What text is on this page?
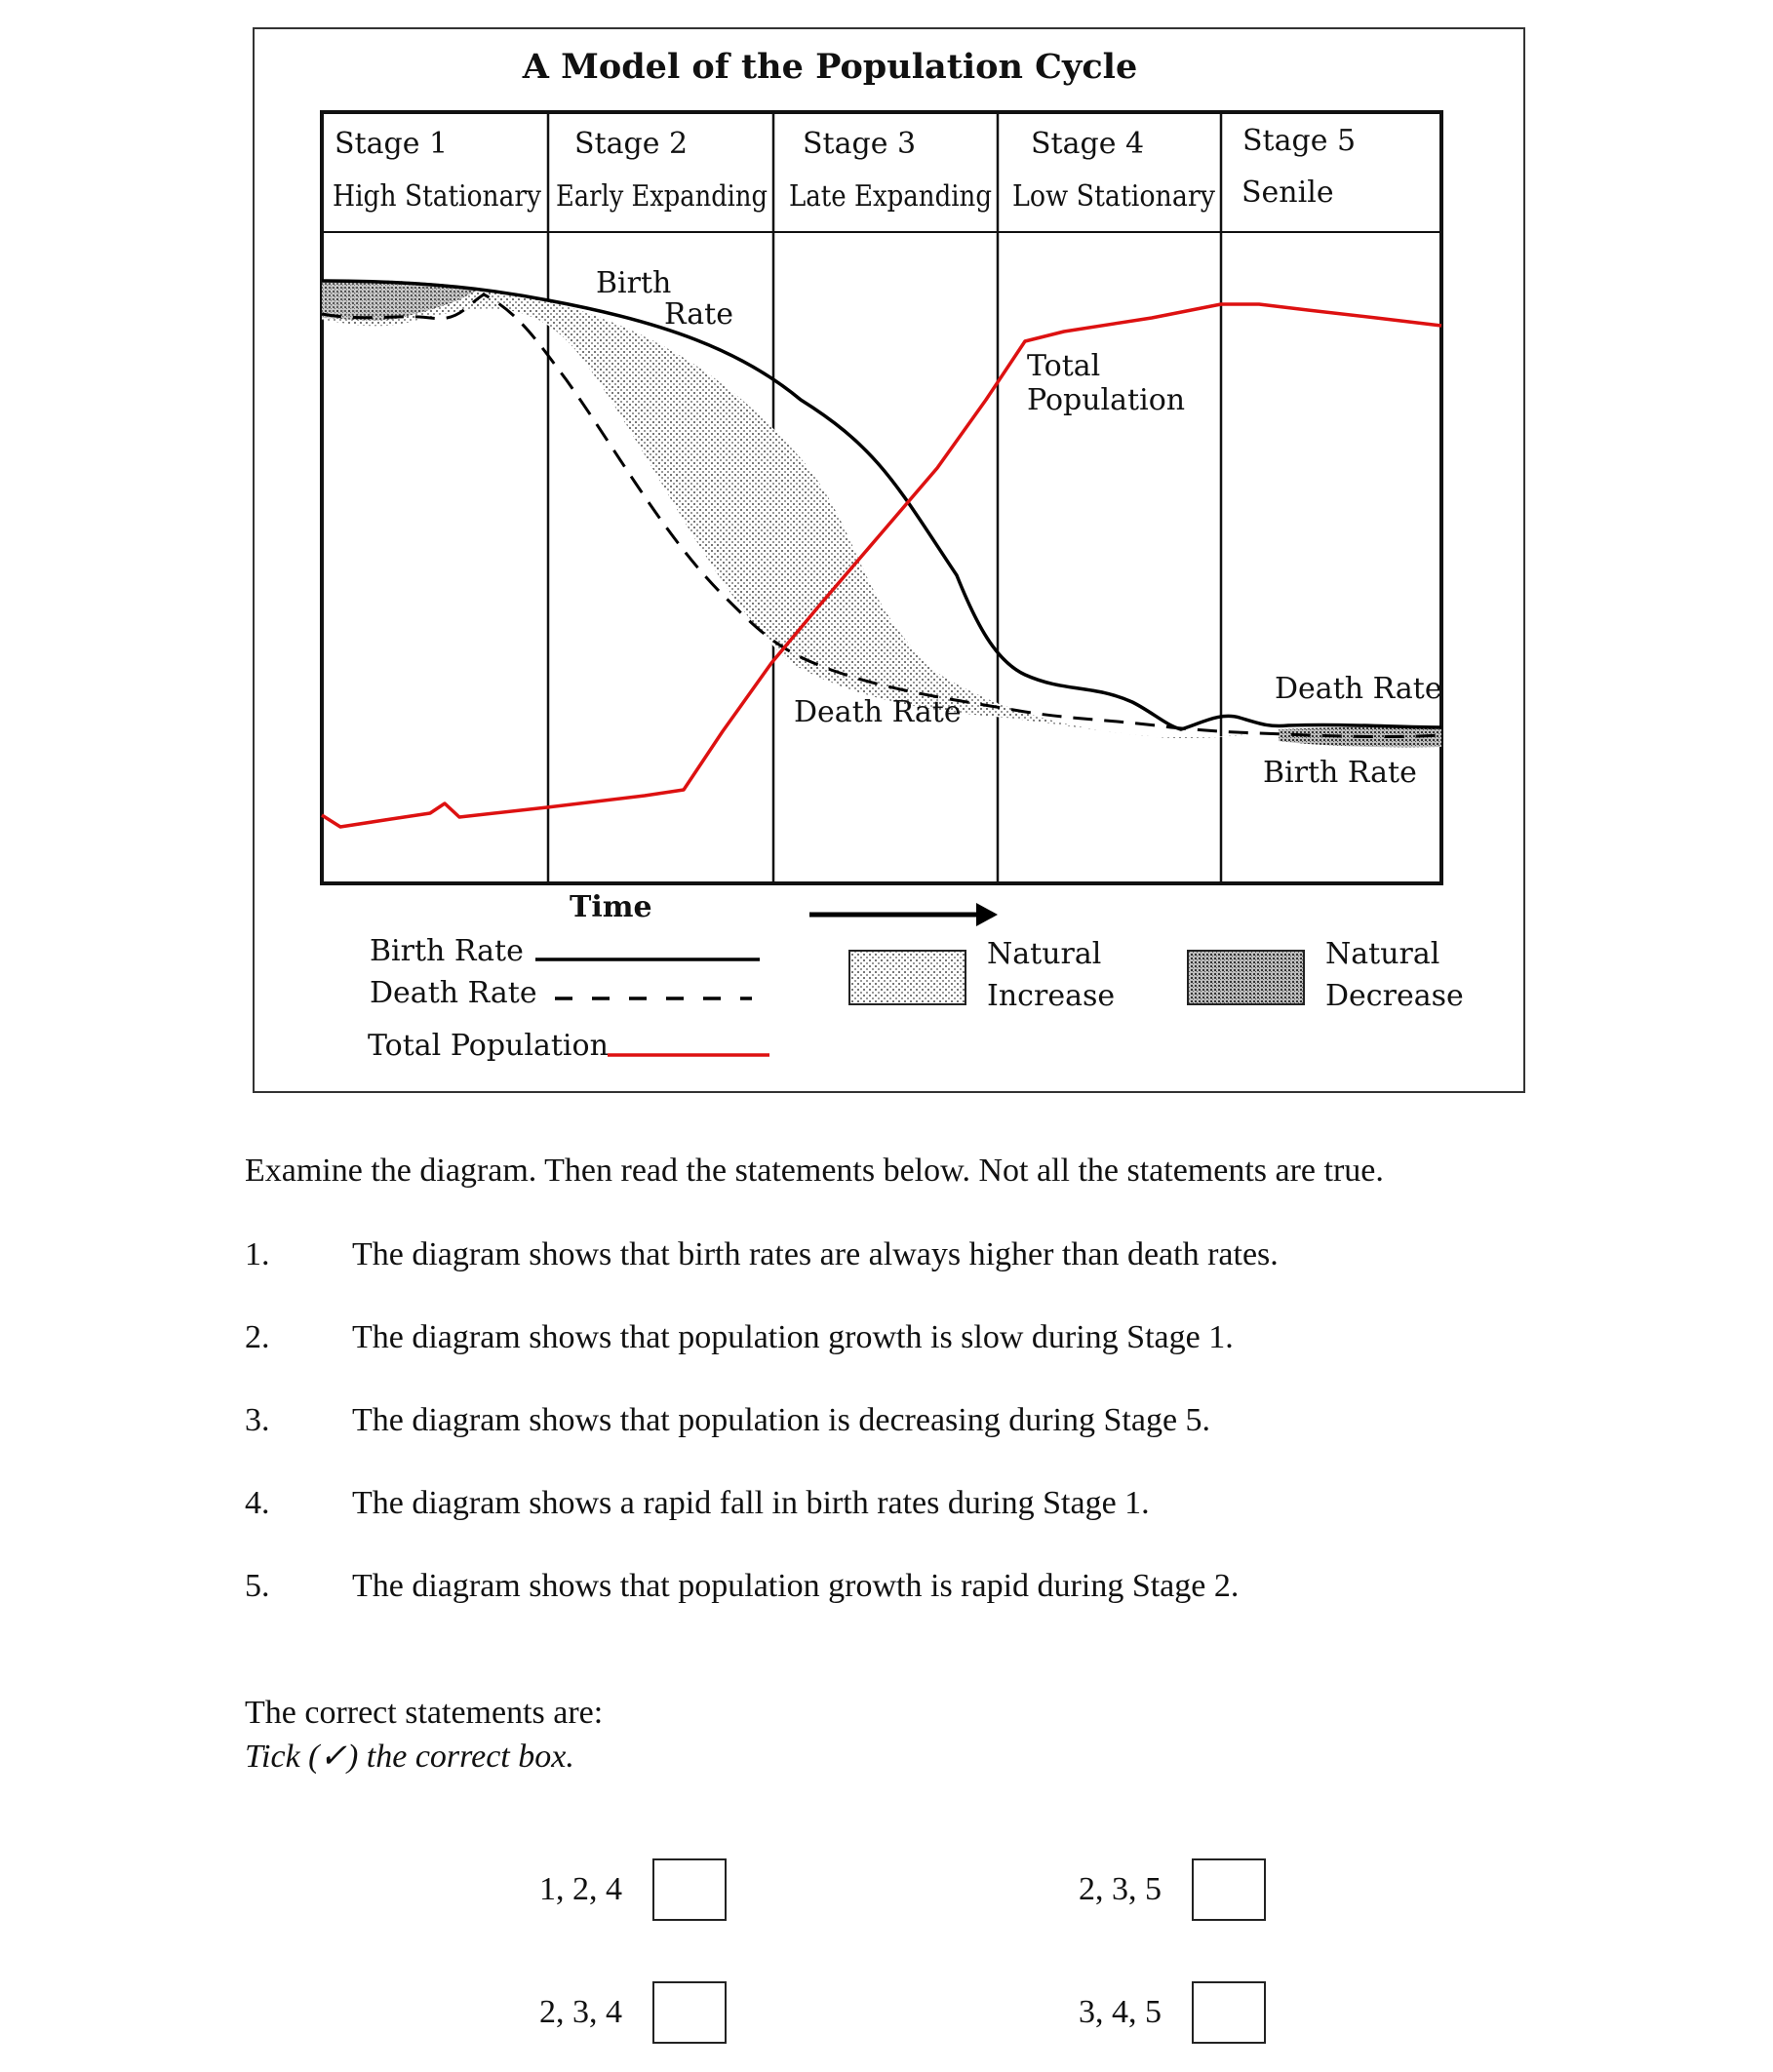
A Model of the Population Cycle
Stage 1
High Stationary
Stage 2
Early Expanding
Stage 3
Late Expanding
Stage 4
Low Stationary
Stage 5
Senile
Birth
Rate
Total
Population
Death Rate
Death Rate
Birth Rate
Time
Birth Rate
Death Rate
Total Population
Natural
Increase
Natural
Decrease
Examine the diagram. Then read the statements below. Not all the statements are true.
1. The diagram shows that birth rates are always higher than death rates.
2. The diagram shows that population growth is slow during Stage 1.
3. The diagram shows that population is decreasing during Stage 5.
4. The diagram shows a rapid fall in birth rates during Stage 1.
5. The diagram shows that population growth is rapid during Stage 2.
The correct statements are:
Tick (✓) the correct box.
1, 2, 4	2, 3, 5
2, 3, 4	3, 4, 5
